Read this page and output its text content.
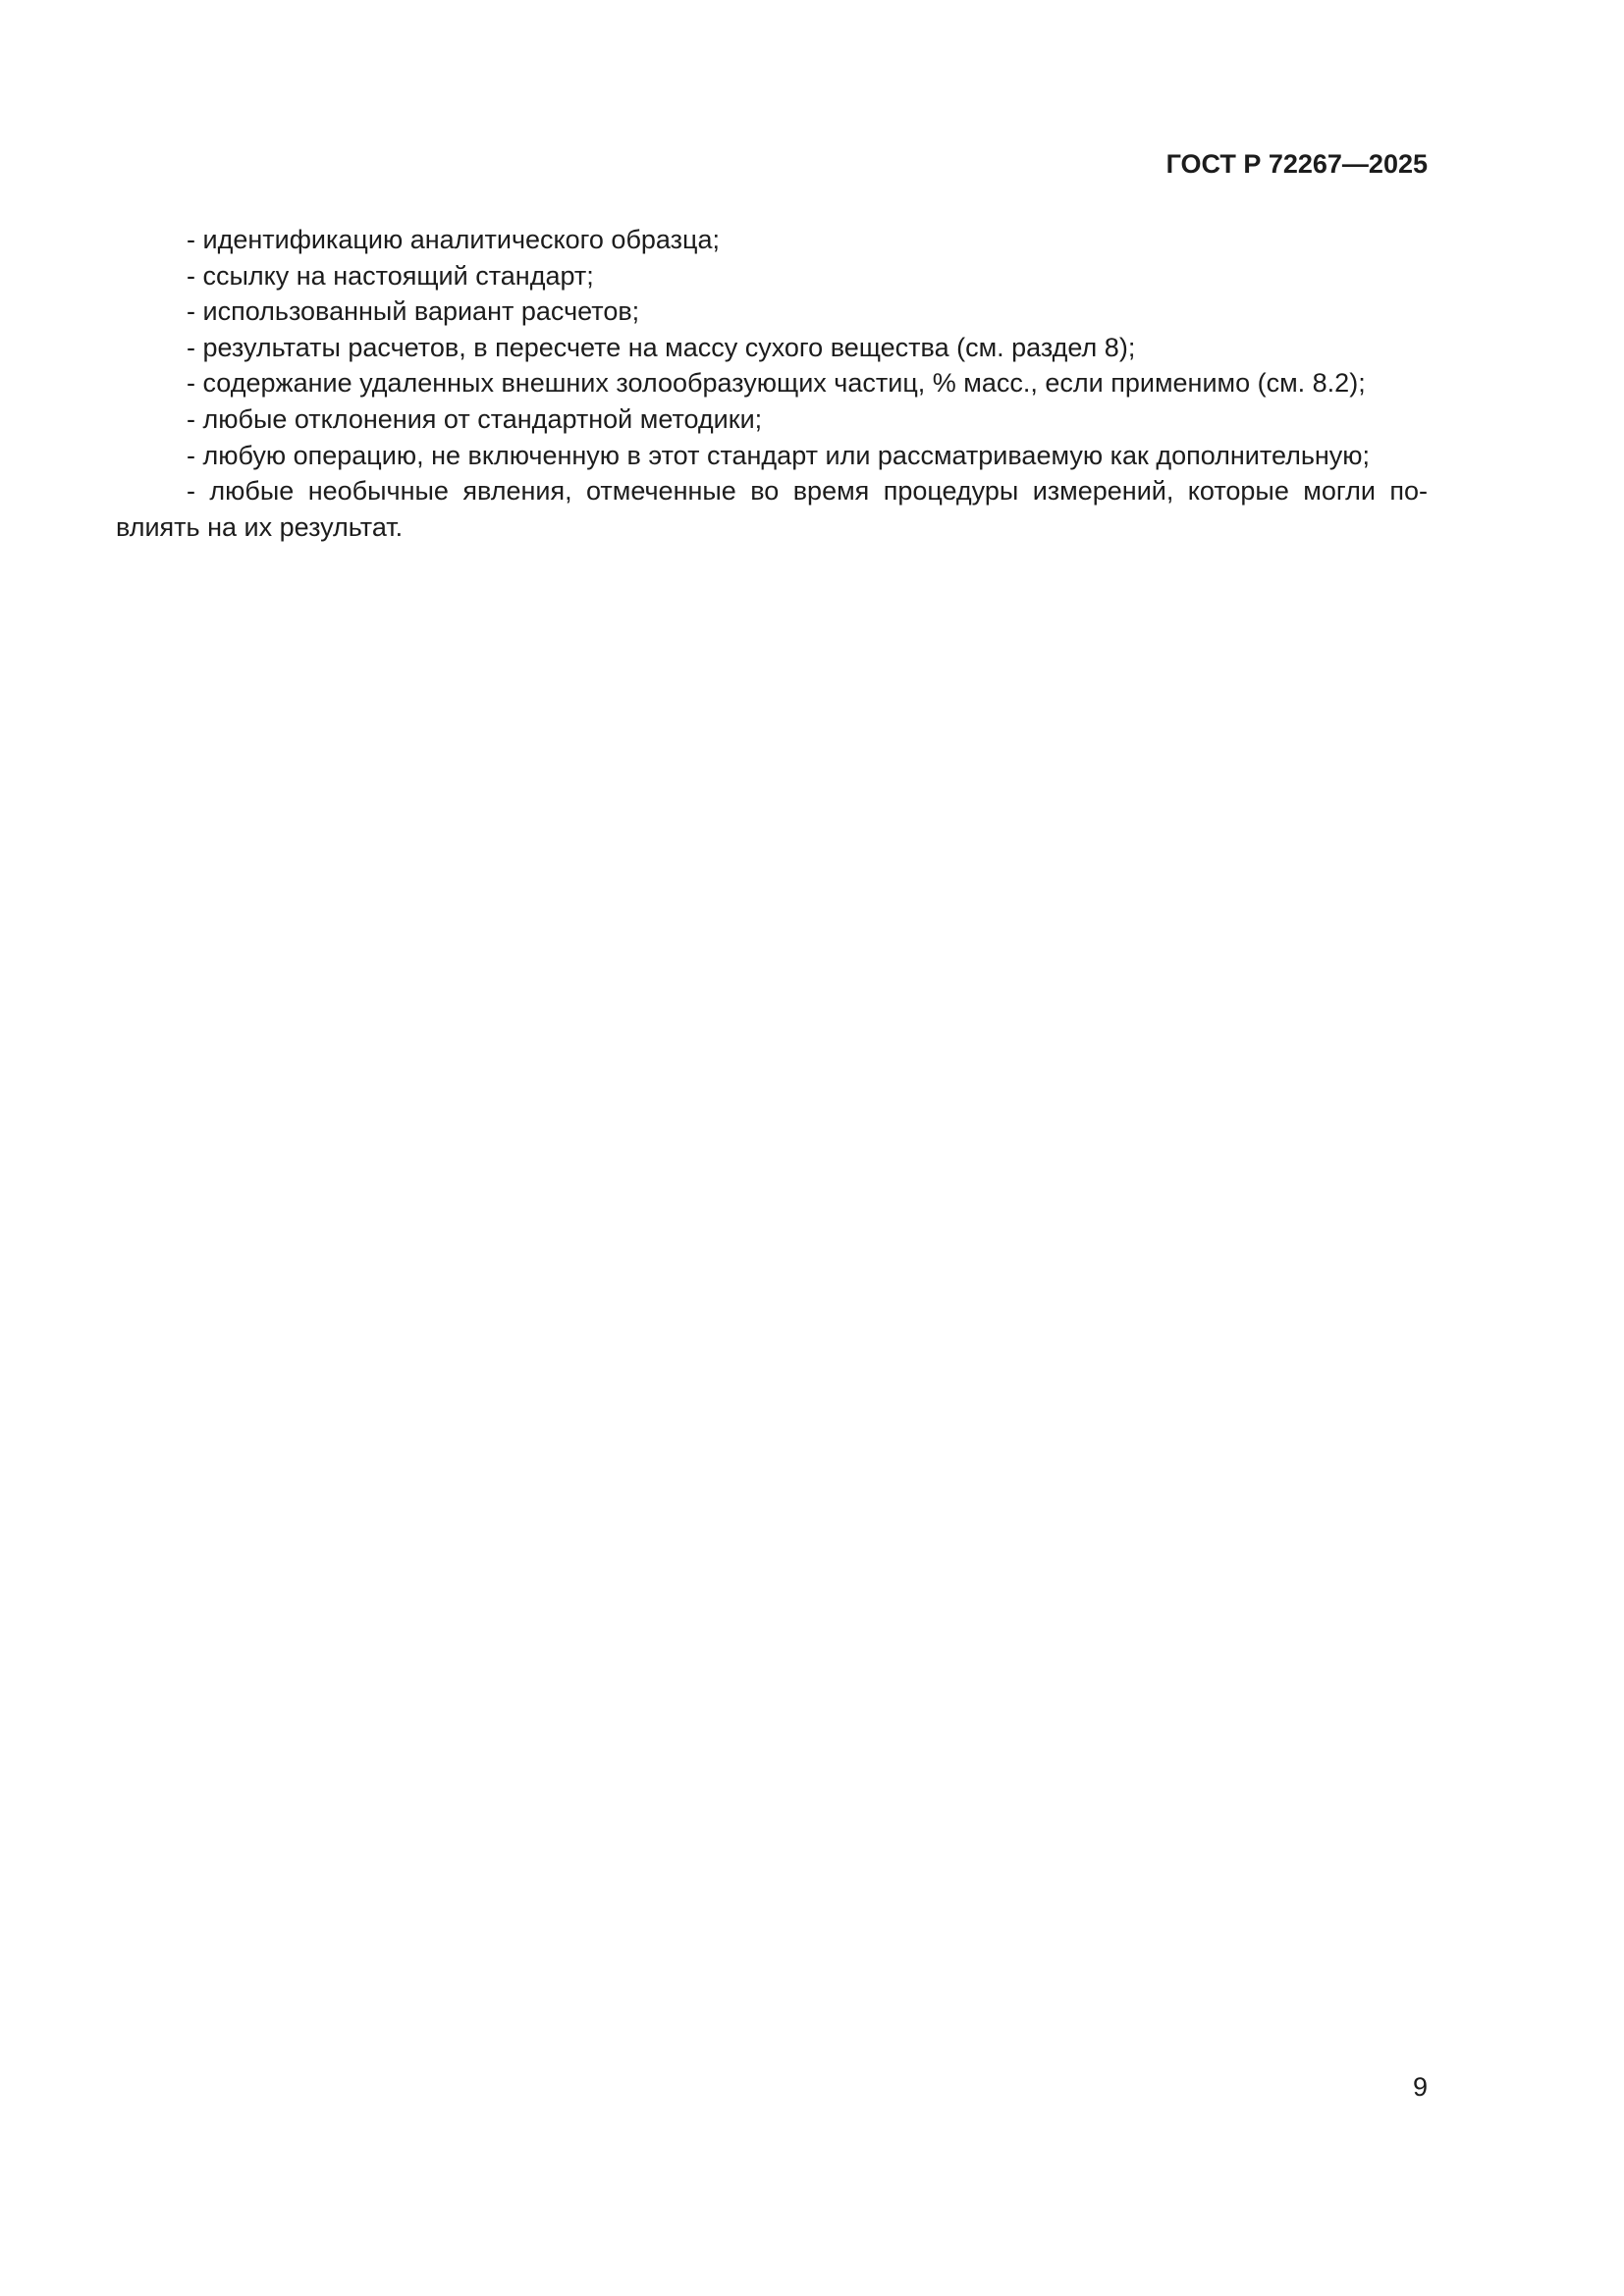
ГОСТ Р 72267—2025

- идентификацию аналитического образца;

- ссылку на настоящий стандарт;

- использованный вариант расчетов;

- результаты расчетов, в пересчете на массу сухого вещества (см. раздел 8);

- содержание удаленных внешних золообразующих частиц, % масс., если применимо (см. 8.2);

- любые отклонения от стандартной методики;

- любую операцию, не включенную в этот стандарт или рассматриваемую как дополнительную;

- любые необычные явления, отмеченные во время процедуры измерений, которые могли по-

влиять на их результат.

9
